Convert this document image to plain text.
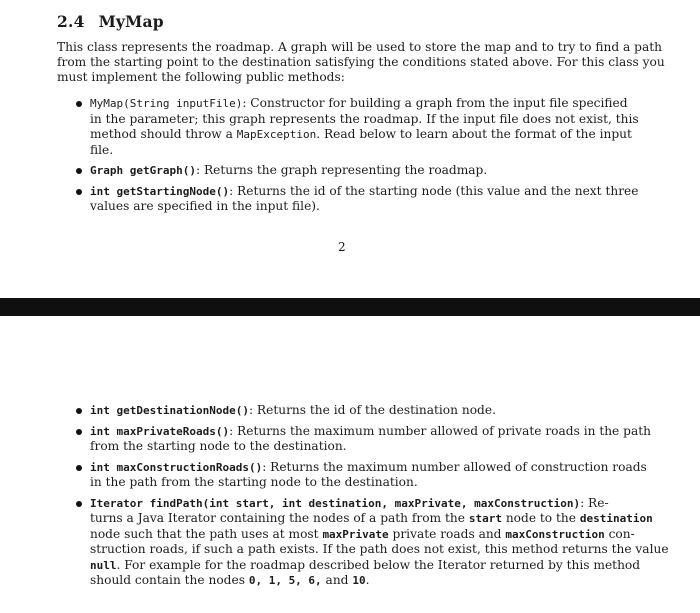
2.4 MyMap

This class represents the roadmap. A graph will be used to store the map and to try to find a path
from the starting point to the destination satisfying the conditions stated above. For this class you
must implement the following public methods:

MyMap(String inputFile): Constructor for building a graph from the input file specified
in the parameter; this graph represents the roadmap. If the input file does not exist, this
method should throw a MapException. Read below to learn about the format of the input
file.
Graph getGraph(): Returns the graph representing the roadmap.
int getStartingNode(): Returns the id of the starting node (this value and the next three
values are specified in the input file).
2
int getDestinationNode(): Returns the id of the destination node.
int maxPrivateRoads(): Returns the maximum number allowed of private roads in the path
from the starting node to the destination.
int maxConstructionRoads(): Returns the maximum number allowed of construction roads
in the path from the starting node to the destination.
Iterator findPath(int start, int destination, maxPrivate, maxConstruction): Re-
turns a Java Iterator containing the nodes of a path from the start node to the destination
node such that the path uses at most maxPrivate private roads and maxConstruction con-
struction roads, if such a path exists. If the path does not exist, this method returns the value
null. For example for the roadmap described below the Iterator returned by this method
should contain the nodes 0, 1, 5, 6, and 10.
